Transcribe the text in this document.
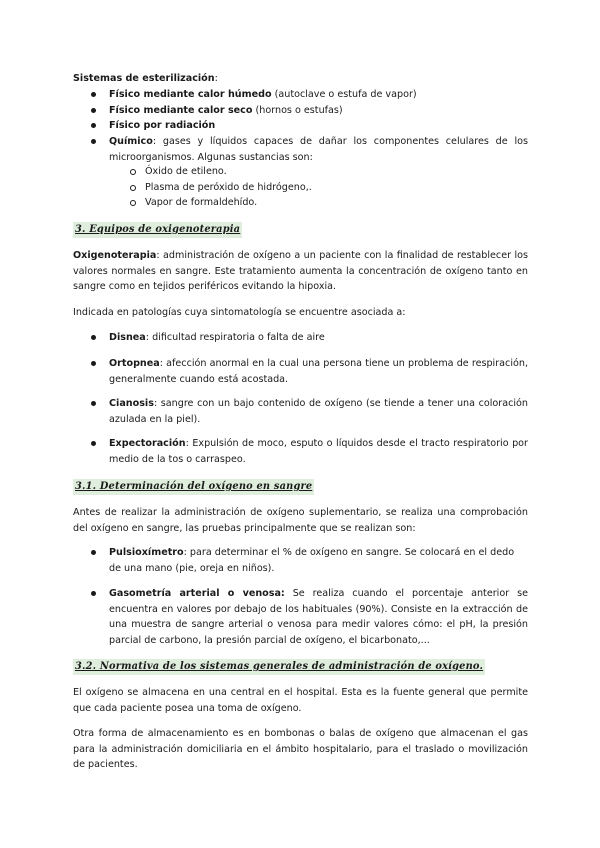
Sistemas de esterilización:

Físico mediante calor húmedo (autoclave o estufa de vapor)

Físico mediante calor seco (hornos o estufas)

Físico por radiación

Químico: gases y líquidos capaces de dañar los componentes celulares de los microorganismos. Algunas sustancias son:

Óxido de etileno.

Plasma de peróxido de hidrógeno,.

Vapor de formaldehído.

3. Equipos de oxigenoterapia

Oxigenoterapia: administración de oxígeno a un paciente con la finalidad de restablecer los valores normales en sangre. Este tratamiento aumenta la concentración de oxígeno tanto en sangre como en tejidos periféricos evitando la hipoxia.

Indicada en patologías cuya sintomatología se encuentre asociada a:

Disnea: dificultad respiratoria o falta de aire

Ortopnea: afección anormal en la cual una persona tiene un problema de respiración, generalmente cuando está acostada.

Cianosis: sangre con un bajo contenido de oxígeno (se tiende a tener una coloración azulada en la piel).

Expectoración: Expulsión de moco, esputo o líquidos desde el tracto respiratorio por medio de la tos o carraspeo.

3.1. Determinación del oxígeno en sangre

Antes de realizar la administración de oxígeno suplementario, se realiza una comprobación del oxígeno en sangre, las pruebas principalmente que se realizan son:

Pulsioxímetro: para determinar el % de oxígeno en sangre. Se colocará en el dedo de una mano (pie, oreja en niños).

Gasometría arterial o venosa: Se realiza cuando el porcentaje anterior se encuentra en valores por debajo de los habituales (90%). Consiste en la extracción de una muestra de sangre arterial o venosa para medir valores cómo: el pH, la presión parcial de carbono, la presión parcial de oxígeno, el bicarbonato,...

3.2. Normativa de los sistemas generales de administración de oxígeno.

El oxígeno se almacena en una central en el hospital. Esta es la fuente general que permite que cada paciente posea una toma de oxígeno.

Otra forma de almacenamiento es en bombonas o balas de oxígeno que almacenan el gas para la administración domiciliaria en el ámbito hospitalario, para el traslado o movilización de pacientes.
